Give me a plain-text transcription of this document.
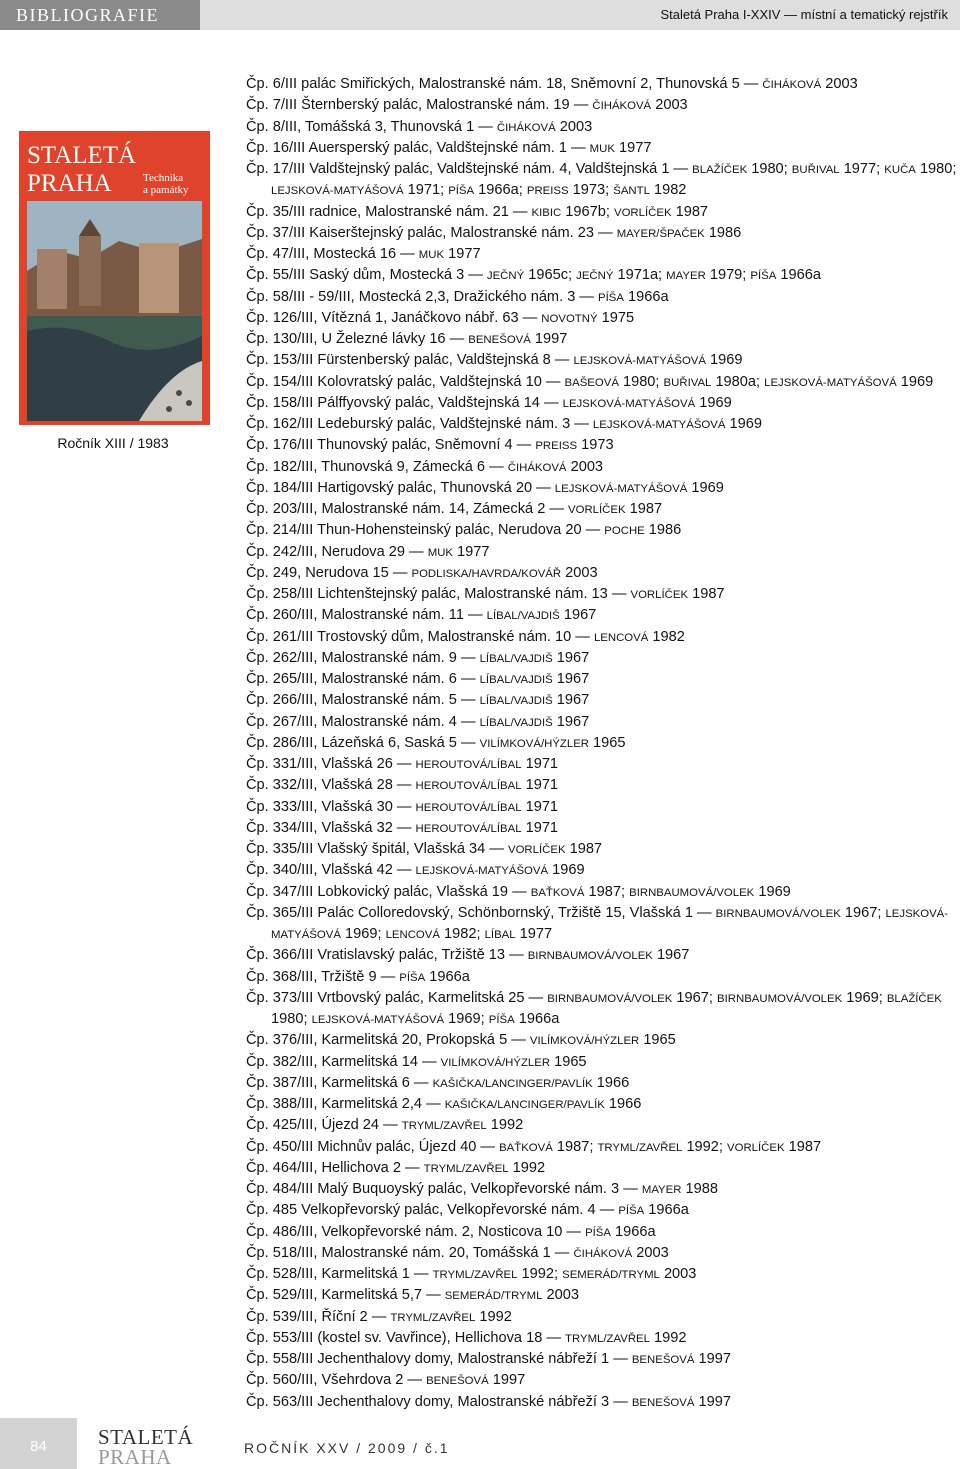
BIBLIOGRAFIE	Staletá Praha I-XXIV — místní a tematický rejstřík
STALETÁ
PRAHA	Technika
a památky
Ročník XIII / 1983
Čp. 6/III palác Smiřických, Malostranské nám. 18, Sněmovní 2, Thunovská 5 — ČIHÁKOVÁ 2003
Čp. 7/III Šternberský palác, Malostranské nám. 19 — ČIHÁKOVÁ 2003
Čp. 8/III, Tomášská 3, Thunovská 1 — ČIHÁKOVÁ 2003
Čp. 16/III Auersperský palác, Valdštejnské nám. 1 — MUK 1977
Čp. 17/III Valdštejnský palác, Valdštejnské nám. 4, Valdštejnská 1 — BLAŽÍČEK 1980; BUŘIVAL 1977; KUČA 1980; LEJSKOVÁ-MATYÁŠOVÁ 1971; PÍŠA 1966a; PREISS 1973; ŠANTL 1982
Čp. 35/III radnice, Malostranské nám. 21 — KIBIC 1967b; VORLÍČEK 1987
Čp. 37/III Kaiserštejnský palác, Malostranské nám. 23 — MAYER/ŠPAČEK 1986
Čp. 47/III, Mostecká 16 — MUK 1977
Čp. 55/III Saský dům, Mostecká 3 — JEČNÝ 1965c; JEČNÝ 1971a; MAYER 1979; PÍŠA 1966a
Čp. 58/III - 59/III, Mostecká 2,3, Dražického nám. 3 — PÍŠA 1966a
Čp. 126/III, Vítězná 1, Janáčkovo nábř. 63 — NOVOTNÝ 1975
Čp. 130/III, U Železné lávky 16 — BENEŠOVÁ 1997
Čp. 153/III Fürstenberský palác, Valdštejnská 8 — LEJSKOVÁ-MATYÁŠOVÁ 1969
Čp. 154/III Kolovratský palác, Valdštejnská 10 — BAŠEOVÁ 1980; BUŘIVAL 1980a; LEJSKOVÁ-MATYÁŠOVÁ 1969
Čp. 158/III Pálffyovský palác, Valdštejnská 14 — LEJSKOVÁ-MATYÁŠOVÁ 1969
Čp. 162/III Ledeburský palác, Valdštejnské nám. 3 — LEJSKOVÁ-MATYÁŠOVÁ 1969
Čp. 176/III Thunovský palác, Sněmovní 4 — PREISS 1973
Čp. 182/III, Thunovská 9, Zámecká 6 — ČIHÁKOVÁ 2003
Čp. 184/III Hartigovský palác, Thunovská 20 — LEJSKOVÁ-MATYÁŠOVÁ 1969
Čp. 203/III, Malostranské nám. 14, Zámecká 2 — VORLÍČEK 1987
Čp. 214/III Thun-Hohensteinský palác, Nerudova 20 — POCHE 1986
Čp. 242/III, Nerudova 29 — MUK 1977
Čp. 249, Nerudova 15 — PODLISKA/HAVRDA/KOVÁŘ 2003
Čp. 258/III Lichtenštejnský palác, Malostranské nám. 13 — VORLÍČEK 1987
Čp. 260/III, Malostranské nám. 11 — LÍBAL/VAJDIŠ 1967
Čp. 261/III Trostovský dům, Malostranské nám. 10 — LENCOVÁ 1982
Čp. 262/III, Malostranské nám. 9 — LÍBAL/VAJDIŠ 1967
Čp. 265/III, Malostranské nám. 6 — LÍBAL/VAJDIŠ 1967
Čp. 266/III, Malostranské nám. 5 — LÍBAL/VAJDIŠ 1967
Čp. 267/III, Malostranské nám. 4 — LÍBAL/VAJDIŠ 1967
Čp. 286/III, Lázeňská 6, Saská 5 — VILÍMKOVÁ/HÝZLER 1965
Čp. 331/III, Vlašská 26 — HEROUTOVÁ/LÍBAL 1971
Čp. 332/III, Vlašská 28 — HEROUTOVÁ/LÍBAL 1971
Čp. 333/III, Vlašská 30 — HEROUTOVÁ/LÍBAL 1971
Čp. 334/III, Vlašská 32 — HEROUTOVÁ/LÍBAL 1971
Čp. 335/III Vlašský špitál, Vlašská 34 — VORLÍČEK 1987
Čp. 340/III, Vlašská 42 — LEJSKOVÁ-MATYÁŠOVÁ 1969
Čp. 347/III Lobkovický palác, Vlašská 19 — BAŤKOVÁ 1987; BIRNBAUMOVÁ/VOLEK 1969
Čp. 365/III Palác Colloredovský, Schönbornský, Tržiště 15, Vlašská 1 — BIRNBAUMOVÁ/VOLEK 1967; LEJSKOVÁ-MATYÁŠOVÁ 1969; LENCOVÁ 1982; LÍBAL 1977
Čp. 366/III Vratislavský palác, Tržiště 13 — BIRNBAUMOVÁ/VOLEK 1967
Čp. 368/III, Tržiště 9 — PÍŠA 1966a
Čp. 373/III Vrtbovský palác, Karmelitská 25 — BIRNBAUMOVÁ/VOLEK 1967; BIRNBAUMOVÁ/VOLEK 1969; BLAŽÍČEK 1980; LEJSKOVÁ-MATYÁŠOVÁ 1969; PÍŠA 1966a
Čp. 376/III, Karmelitská 20, Prokopská 5 — VILÍMKOVÁ/HÝZLER 1965
Čp. 382/III, Karmelitská 14 — VILÍMKOVÁ/HÝZLER 1965
Čp. 387/III, Karmelitská 6 — KAŠIČKA/LANCINGER/PAVLÍK 1966
Čp. 388/III, Karmelitská 2,4 — KAŠIČKA/LANCINGER/PAVLÍK 1966
Čp. 425/III, Újezd 24 — TRYML/ZAVŘEL 1992
Čp. 450/III Michnův palác, Újezd 40 — BAŤKOVÁ 1987; TRYML/ZAVŘEL 1992; VORLÍČEK 1987
Čp. 464/III, Hellichova 2 — TRYML/ZAVŘEL 1992
Čp. 484/III Malý Buquoyský palác, Velkopřevorské nám. 3 — MAYER 1988
Čp. 485 Velkopřevorský palác, Velkopřevorské nám. 4 — PÍŠA 1966a
Čp. 486/III, Velkopřevorské nám. 2, Nosticova 10 — PÍŠA 1966a
Čp. 518/III, Malostranské nám. 20, Tomášská 1 — ČIHÁKOVÁ 2003
Čp. 528/III, Karmelitská 1 — TRYML/ZAVŘEL 1992; SEMERÁD/TRYML 2003
Čp. 529/III, Karmelitská 5,7 — SEMERÁD/TRYML 2003
Čp. 539/III, Říční 2 — TRYML/ZAVŘEL 1992
Čp. 553/III (kostel sv. Vavřince), Hellichova 18 — TRYML/ZAVŘEL 1992
Čp. 558/III Jechenthalovy domy, Malostranské nábřeží 1 — BENEŠOVÁ 1997
Čp. 560/III, Všehrdova 2 — BENEŠOVÁ 1997
Čp. 563/III Jechenthalovy domy, Malostranské nábřeží 3 — BENEŠOVÁ 1997
84	STALETÁ
PRAHA	ROČNÍK XXV / 2009 / č.1
